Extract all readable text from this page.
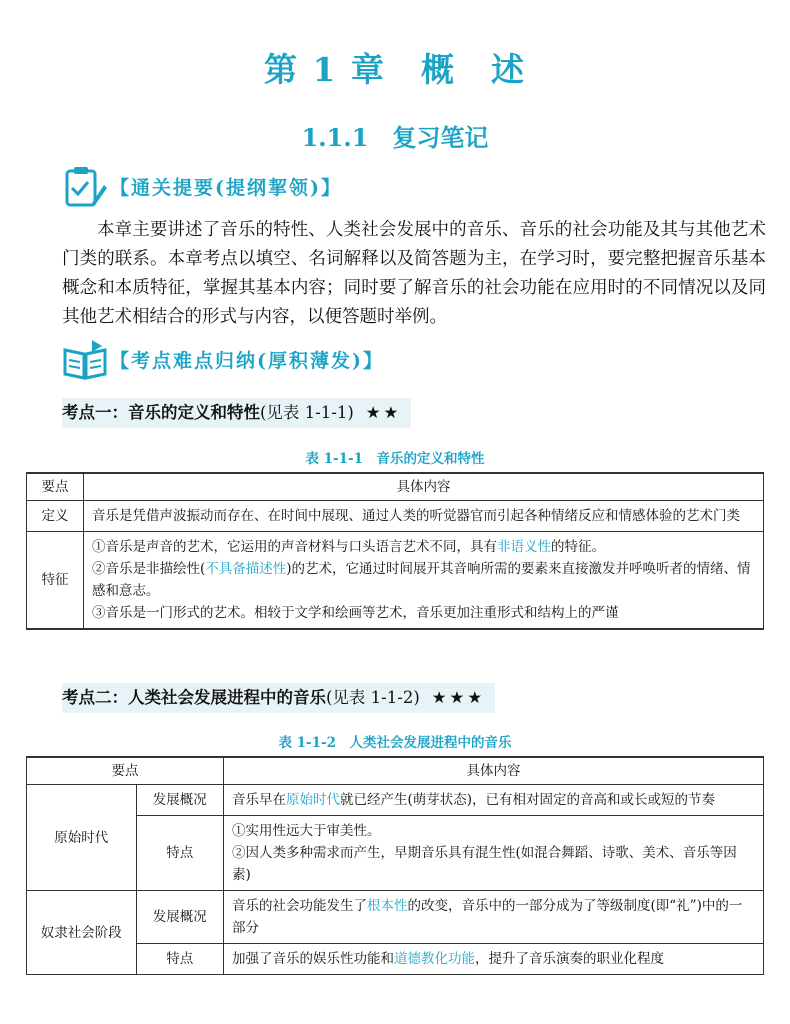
第 1 章　概　述
1.1.1　复习笔记
【通关提要(提纲挈领)】
本章主要讲述了音乐的特性、人类社会发展中的音乐、音乐的社会功能及其与其他艺术门类的联系。本章考点以填空、名词解释以及简答题为主，在学习时，要完整把握音乐基本概念和本质特征，掌握其基本内容；同时要了解音乐的社会功能在应用时的不同情况以及同其他艺术相结合的形式与内容，以便答题时举例。
【考点难点归纳(厚积薄发)】
考点一：音乐的定义和特性(见表 1-1-1) ★★
表 1-1-1　音乐的定义和特性
要点	具体内容
定义	音乐是凭借声波振动而存在、在时间中展现、通过人类的听觉器官而引起各种情绪反应和情感体验的艺术门类
特征	①音乐是声音的艺术，它运用的声音材料与口头语言艺术不同，具有非语义性的特征。
②音乐是非描绘性(不具备描述性)的艺术，它通过时间展开其音响所需的要素来直接激发并呼唤听者的情绪、情感和意志。
③音乐是一门形式的艺术。相较于文学和绘画等艺术，音乐更加注重形式和结构上的严谨
考点二：人类社会发展进程中的音乐(见表 1-1-2) ★★★
表 1-1-2　人类社会发展进程中的音乐
要点		具体内容
原始时代	发展概况	音乐早在原始时代就已经产生(萌芽状态)，已有相对固定的音高和或长或短的节奏
	特点	①实用性远大于审美性。
②因人类多种需求而产生，早期音乐具有混生性(如混合舞蹈、诗歌、美术、音乐等因素)

奴隶社会阶段	发展概况	音乐的社会功能发生了根本性的改变，音乐中的一部分成为了等级制度(即“礼”)中的一部分
	特点	加强了音乐的娱乐性功能和道德教化功能，提升了音乐演奏的职业化程度
